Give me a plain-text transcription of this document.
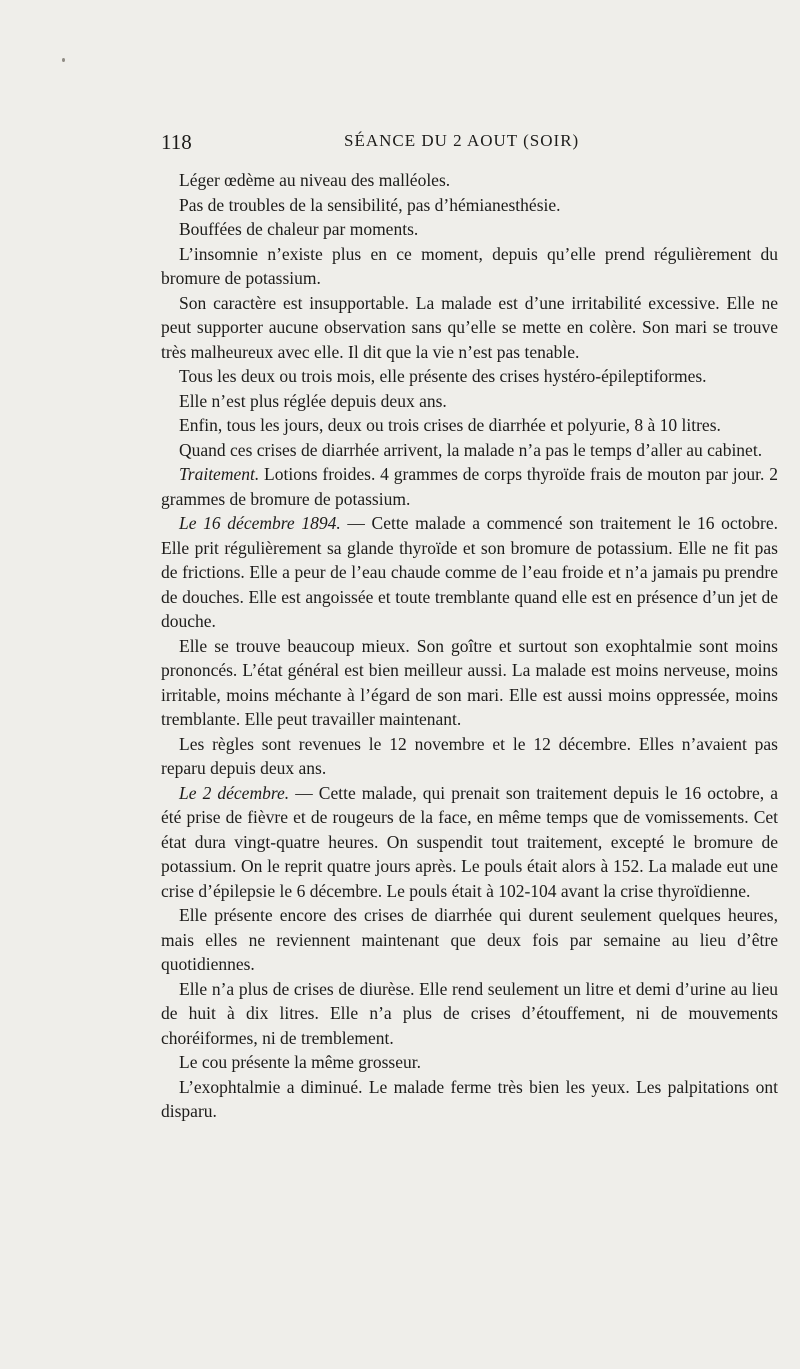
118	SÉANCE DU 2 AOUT (SOIR)

Léger œdème au niveau des malléoles.

Pas de troubles de la sensibilité, pas d’hémianesthésie.

Bouffées de chaleur par moments.

L’insomnie n’existe plus en ce moment, depuis qu’elle prend régulièrement du bromure de potassium.

Son caractère est insupportable. La malade est d’une irritabilité excessive. Elle ne peut supporter aucune observation sans qu’elle se mette en colère. Son mari se trouve très malheureux avec elle. Il dit que la vie n’est pas tenable.

Tous les deux ou trois mois, elle présente des crises hystéro-épileptiformes.

Elle n’est plus réglée depuis deux ans.

Enfin, tous les jours, deux ou trois crises de diarrhée et polyurie, 8 à 10 litres.

Quand ces crises de diarrhée arrivent, la malade n’a pas le temps d’aller au cabinet.

Traitement. Lotions froides. 4 grammes de corps thyroïde frais de mouton par jour. 2 grammes de bromure de potassium.

Le 16 décembre 1894. — Cette malade a commencé son traitement le 16 octobre. Elle prit régulièrement sa glande thyroïde et son bromure de potassium. Elle ne fit pas de frictions. Elle a peur de l’eau chaude comme de l’eau froide et n’a jamais pu prendre de douches. Elle est angoissée et toute tremblante quand elle est en présence d’un jet de douche.

Elle se trouve beaucoup mieux. Son goître et surtout son exophtalmie sont moins prononcés. L’état général est bien meilleur aussi. La malade est moins nerveuse, moins irritable, moins méchante à l’égard de son mari. Elle est aussi moins oppressée, moins tremblante. Elle peut travailler maintenant.

Les règles sont revenues le 12 novembre et le 12 décembre. Elles n’avaient pas reparu depuis deux ans.

Le 2 décembre. — Cette malade, qui prenait son traitement depuis le 16 octobre, a été prise de fièvre et de rougeurs de la face, en même temps que de vomissements. Cet état dura vingt-quatre heures. On suspendit tout traitement, excepté le bromure de potassium. On le reprit quatre jours après. Le pouls était alors à 152. La malade eut une crise d’épilepsie le 6 décembre. Le pouls était à 102-104 avant la crise thyroïdienne.

Elle présente encore des crises de diarrhée qui durent seulement quelques heures, mais elles ne reviennent maintenant que deux fois par semaine au lieu d’être quotidiennes.

Elle n’a plus de crises de diurèse. Elle rend seulement un litre et demi d’urine au lieu de huit à dix litres. Elle n’a plus de crises d’étouffement, ni de mouvements choréiformes, ni de tremblement.

Le cou présente la même grosseur.

L’exophtalmie a diminué. Le malade ferme très bien les yeux. Les palpitations ont disparu.
